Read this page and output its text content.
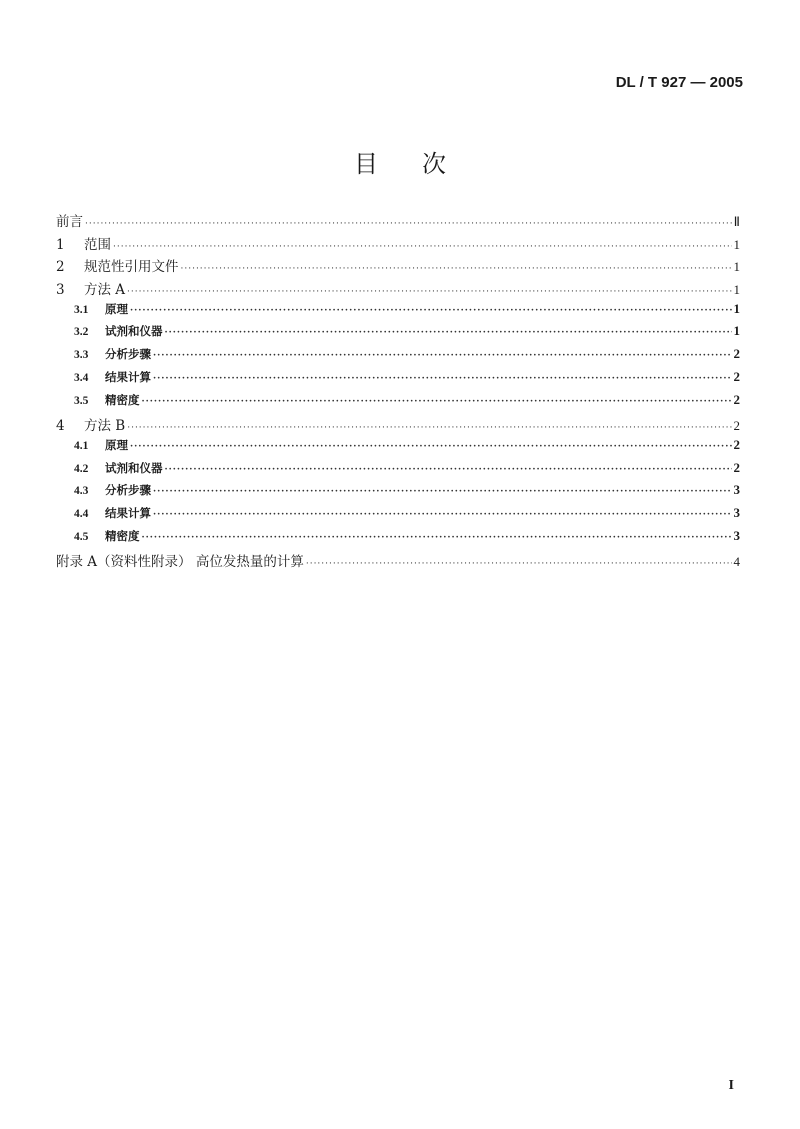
DL / T 927 — 2005
目次
前言 ·····	Ⅱ
1	范围 ·····	1
2	规范性引用文件 ·····	1
3	方法 A ·····	1
3.1	原理 ·····	1
3.2	试剂和仪器 ·····	1
3.3	分析步骤 ·····	2
3.4	结果计算 ·····	2
3.5	精密度 ·····	2
4	方法 B ·····	2
4.1	原理 ·····	2
4.2	试剂和仪器 ·····	2
4.3	分析步骤 ·····	3
4.4	结果计算 ·····	3
4.5	精密度 ·····	3
附录 A（资料性附录） 高位发热量的计算 ·····	4
I
